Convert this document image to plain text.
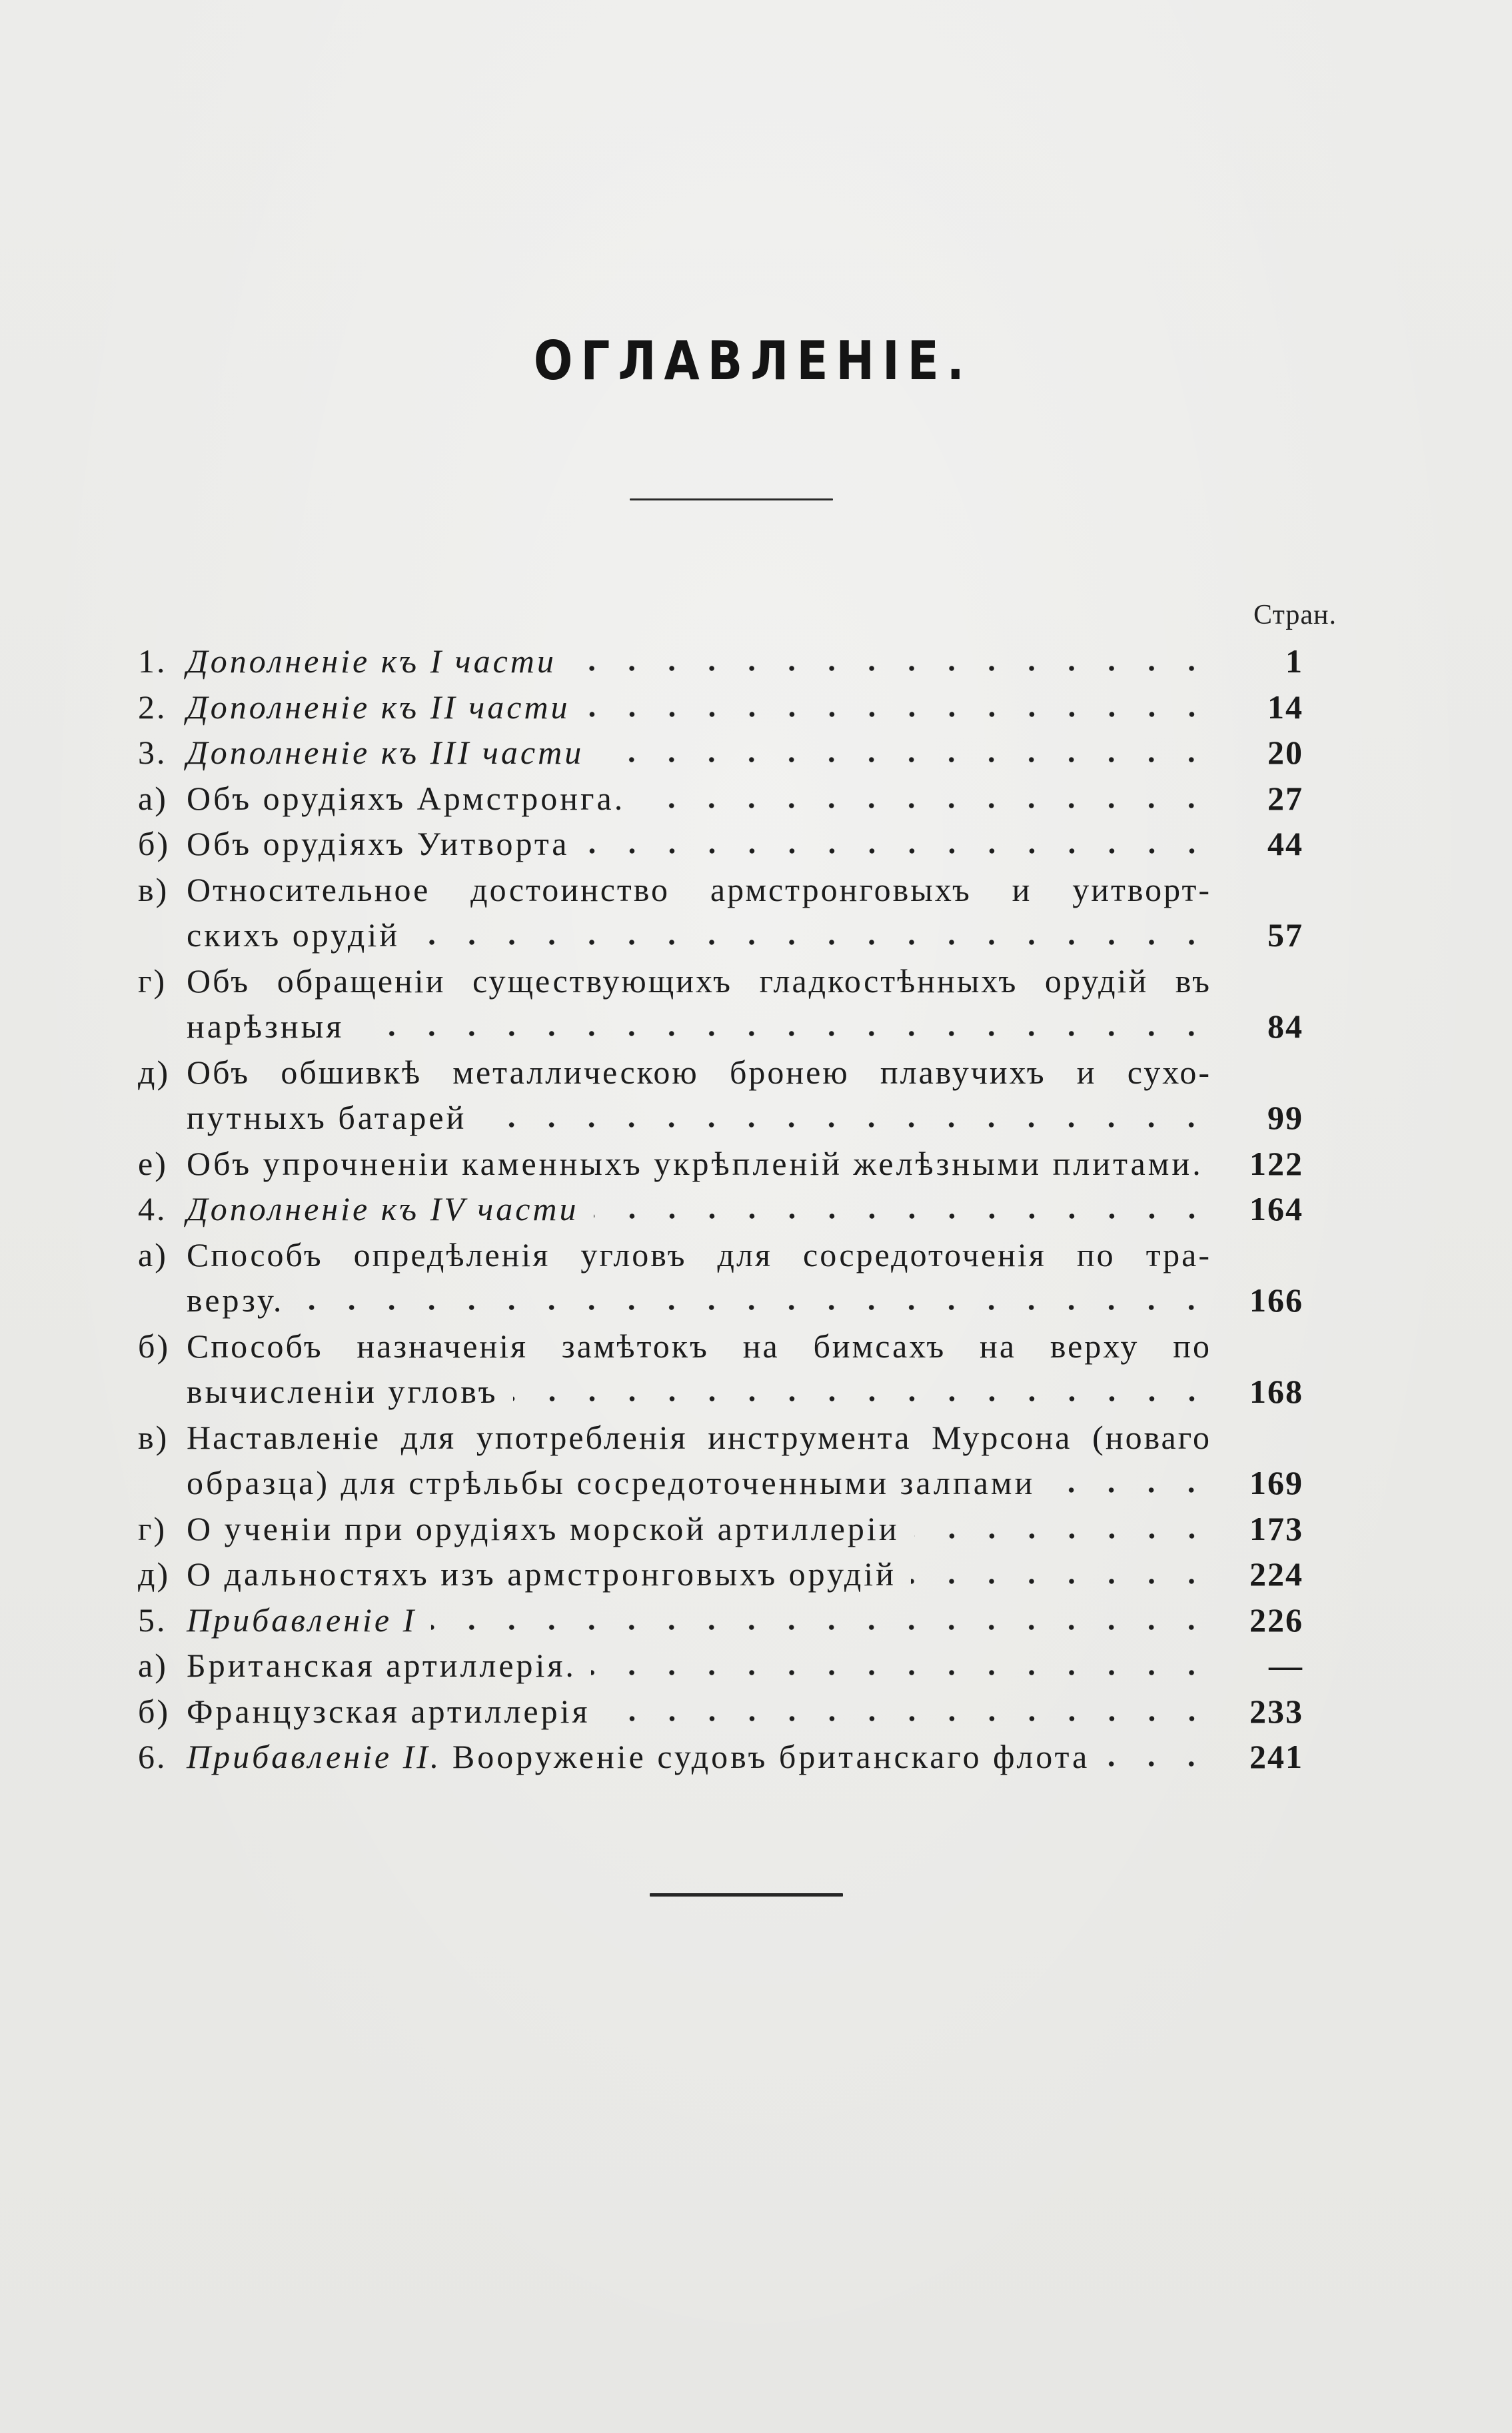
ОГЛАВЛЕНІЕ.
Стран.
1. Дополненіе къ I части	1
2. Дополненіе къ II части	14
3. Дополненіе къ III части	20
а) Объ орудіяхъ Армстронга.	27
б) Объ орудіяхъ Уитворта	44
в) Относительное достоинство армстронговыхъ и уитворт-
скихъ орудій	57
г) Объ обращеніи существующихъ гладкостѣнныхъ орудій въ
нарѣзныя	84
д) Объ обшивкѣ металлическою бронею плавучихъ и сухо-
путныхъ батарей	99
е) Объ упрочненіи каменныхъ укрѣпленій желѣзными плитами.	122
4. Дополненіе къ IV части	164
а) Способъ опредѣленія угловъ для сосредоточенія по тра-
верзу.	166
б) Способъ назначенія замѣтокъ на бимсахъ на верху по
вычисленіи угловъ	168
в) Наставленіе для употребленія инструмента Мурсона (новаго
образца) для стрѣльбы сосредоточенными залпами	169
г) О ученіи при орудіяхъ морской артиллеріи	173
д) О дальностяхъ изъ армстронговыхъ орудій	224
5. Прибавленіе I	226
а) Британская артиллерія.	—
б) Французская артиллерія	233
6. Прибавленіе II. Вооруженіе судовъ британскаго флота	241
